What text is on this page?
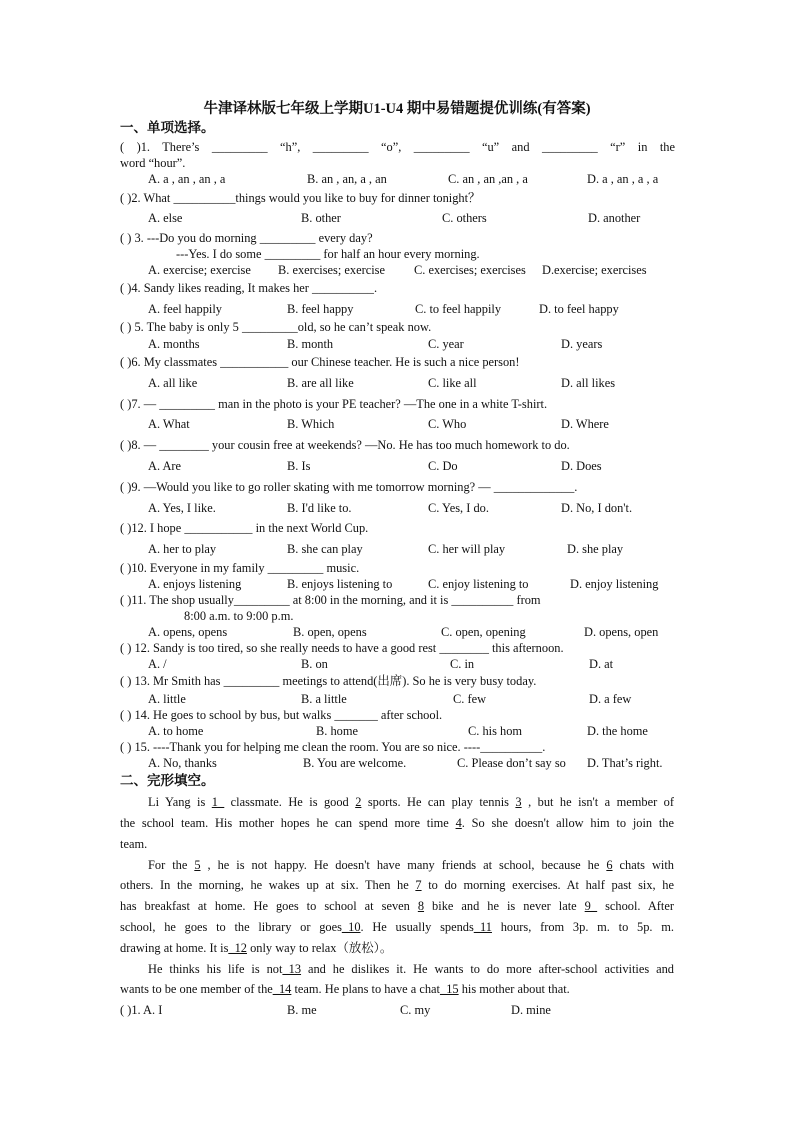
牛津译林版七年级上学期U1-U4 期中易错题提优训练(有答案)
一、单项选择。
( )1. There’s _________ “h”, _________ “o”, _________ “u” and _________ “r” in the
word “hour”.
A. a , an , an , a	B. an , an, a , an	C. an , an ,an , a	D. a , an , a , a
( )2. What __________things would you like to buy for dinner tonight？
A. else	B. other	C. others	D. another
( ) 3. ---Do you do morning _________ every day?
---Yes. I do some _________ for half an hour every morning.
A. exercise; exercise	B. exercises; exercise	C. exercises; exercises	D.exercise; exercises
( )4. Sandy likes reading, It makes her __________.
A. feel happily	B. feel happy	C. to feel happily	D. to feel happy
( ) 5. The baby is only 5 _________old, so he can’t speak now.
A. months	B. month	C. year	D. years
( )6. My classmates ___________ our Chinese teacher. He is such a nice person!
A. all like	B. are all like	C. like all	D. all likes
( )7. — _________ man in the photo is your PE teacher? —The one in a white T-shirt.
A. What	B. Which	C. Who	D. Where
( )8. — ________ your cousin free at weekends? —No. He has too much homework to do.
A. Are	B. Is	C. Do	D. Does
( )9. —Would you like to go roller skating with me tomorrow morning? — _____________.
A. Yes, I like.	B. I'd like to.	C. Yes, I do.	D. No, I don't.
( )12. I hope ___________ in the next World Cup.
A. her to play	B. she can play	C. her will play	D. she play
( )10. Everyone in my family _________ music.
A. enjoys listening	B. enjoys listening to	C. enjoy listening to	D. enjoy listening
( )11. The shop usually_________ at 8:00 in the morning, and it is __________ from
8:00 a.m. to 9:00 p.m.
A. opens, opens	B. open, opens	C. open, opening	D. opens, open
( ) 12. Sandy is too tired, so she really needs to have a good rest ________ this afternoon.
A. /	B. on	C. in	D. at
( ) 13. Mr Smith has _________ meetings to attend(出席). So he is very busy today.
A. little	B. a little	C. few	D. a few
( ) 14. He goes to school by bus, but walks _______ after school.
A. to home	B. home	C. his hom	D. the home
( ) 15. ----Thank you for helping me clean the room. You are so nice. ----__________.
A. No, thanks	B. You are welcome.	C. Please don’t say so	D. That’s right.
二、完形填空。
Li Yang is 1_ classmate. He is good 2 sports. He can play tennis 3 , but he isn't a member of
the school team. His mother hopes he can spend more time 4. So she doesn't allow him to join the
team.
For the 5 , he is not happy. He doesn't have many friends at school, because he 6 chats with
others. In the morning, he wakes up at six. Then he 7 to do morning exercises. At half past six, he
has breakfast at home. He goes to school at seven 8 bike and he is never late 9_ school. After
school, he goes to the library or goes_10. He usually spends_11 hours, from 3p. m. to 5p. m.
drawing at home. It is_12 only way to relax（放松）。
He thinks his life is not_13 and he dislikes it. He wants to do more after-school activities and
wants to be one member of the_14 team. He plans to have a chat_15 his mother about that.
( )1. A. I	B. me	C. my	D. mine
